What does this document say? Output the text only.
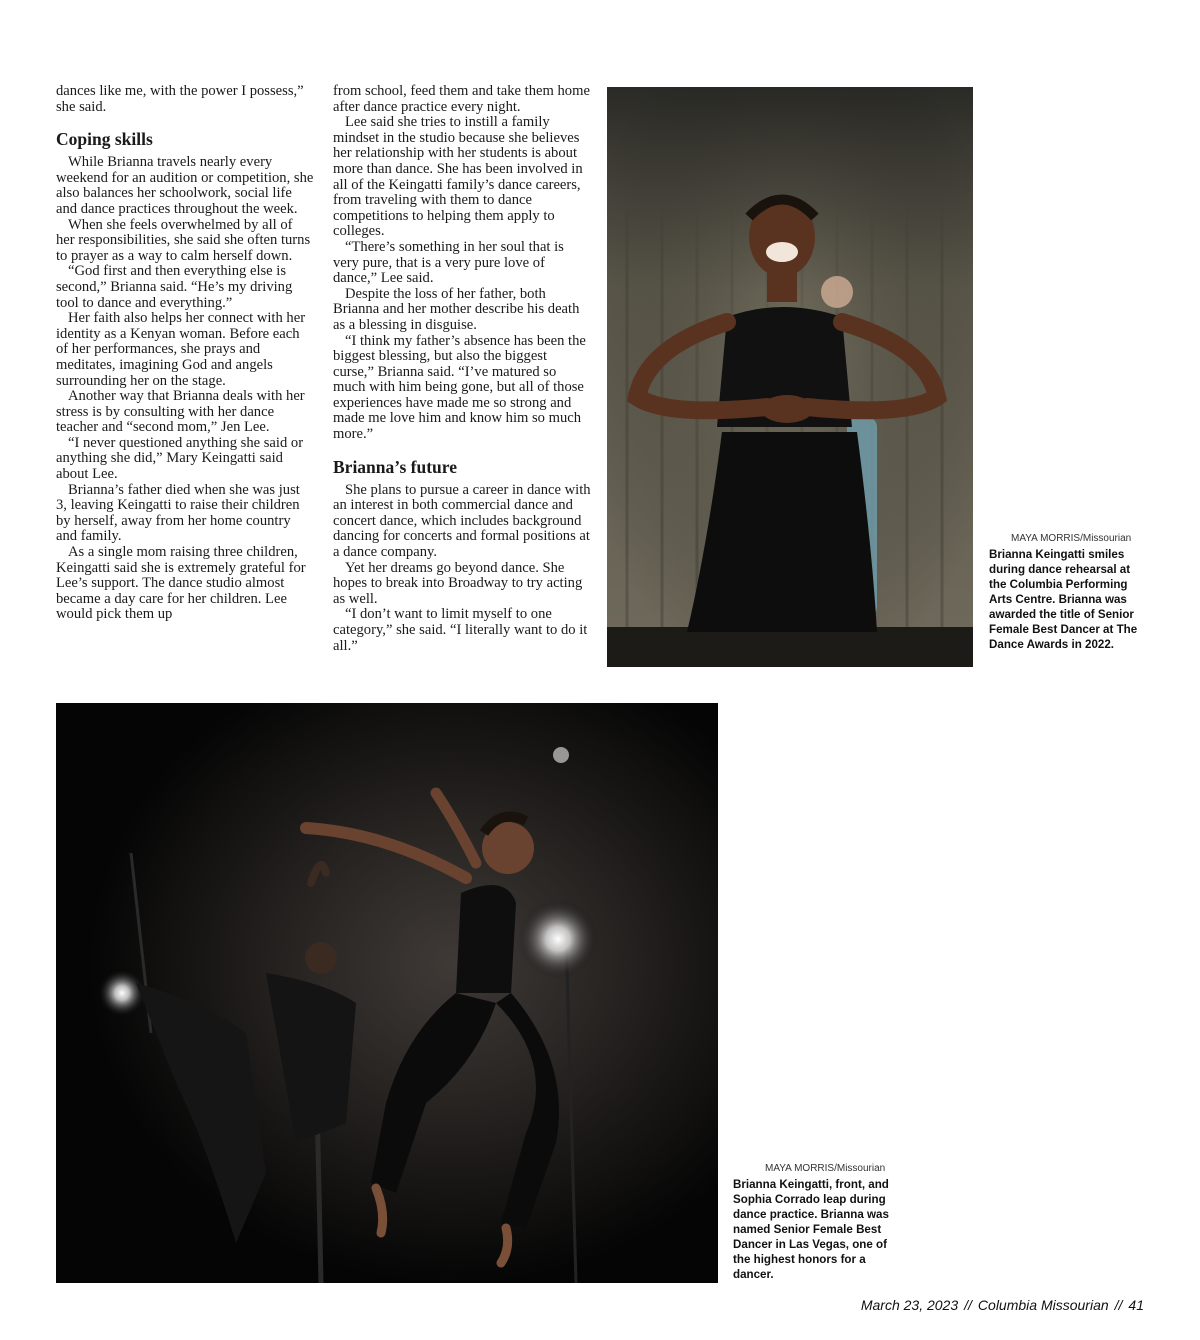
dances like me, with the power I possess,” she said.

Coping skills

While Brianna travels nearly every weekend for an audition or competition, she also balances her schoolwork, social life and dance practices throughout the week.

When she feels overwhelmed by all of her responsibilities, she said she often turns to prayer as a way to calm herself down.

“God first and then everything else is second,” Brianna said. “He’s my driving tool to dance and everything.”

Her faith also helps her connect with her identity as a Kenyan woman. Before each of her performances, she prays and meditates, imagining God and angels surrounding her on the stage.

Another way that Brianna deals with her stress is by consulting with her dance teacher and “second mom,” Jen Lee.

“I never questioned anything she said or anything she did,” Mary Keingatti said about Lee.

Brianna’s father died when she was just 3, leaving Keingatti to raise their children by herself, away from her home country and family.

As a single mom raising three children, Keingatti said she is extremely grateful for Lee’s support. The dance studio almost became a day care for her children. Lee would pick them up

from school, feed them and take them home after dance practice every night.

Lee said she tries to instill a family mindset in the studio because she believes her relationship with her students is about more than dance. She has been involved in all of the Keingatti family’s dance careers, from traveling with them to dance competitions to helping them apply to colleges.

“There’s something in her soul that is very pure, that is a very pure love of dance,” Lee said.

Despite the loss of her father, both Brianna and her mother describe his death as a blessing in disguise.

“I think my father’s absence has been the biggest blessing, but also the biggest curse,” Brianna said. “I’ve matured so much with him being gone, but all of those experiences have made me so strong and made me love him and know him so much more.”

Brianna’s future

She plans to pursue a career in dance with an interest in both commercial dance and concert dance, which includes background dancing for concerts and formal positions at a dance company.

Yet her dreams go beyond dance. She hopes to break into Broadway to try acting as well.

“I don’t want to limit myself to one category,” she said. “I literally want to do it all.”

MAYA MORRIS/Missourian
Brianna Keingatti smiles during dance rehearsal at the Columbia Performing Arts Centre. Brianna was awarded the title of Senior Female Best Dancer at The Dance Awards in 2022.
MAYA MORRIS/Missourian
Brianna Keingatti, front, and Sophia Corrado leap during dance practice. Brianna was named Senior Female Best Dancer in Las Vegas, one of the highest honors for a dancer.
March 23, 2023 // Columbia Missourian // 41
